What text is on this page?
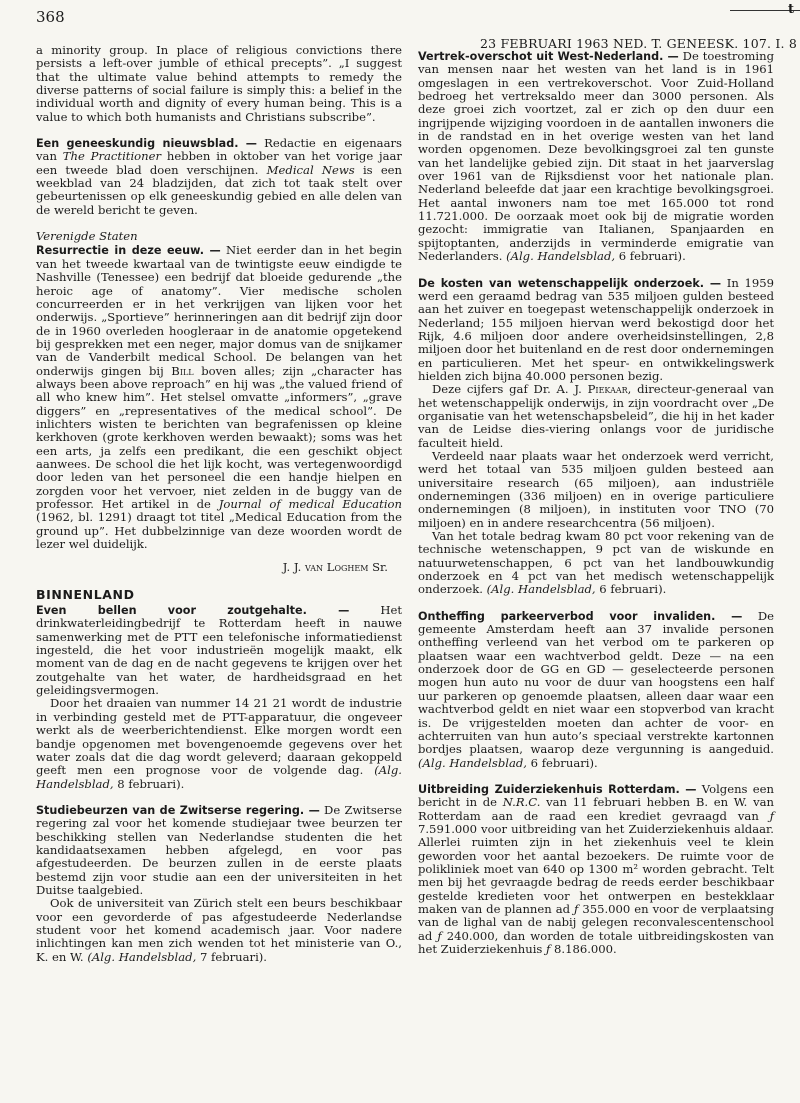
368
23 FEBRUARI 1963 NED. T. GENEESK. 107. I. 8
t

a minority group. In place of religious convictions there persists a left-over jumble of ethical precepts”. „I suggest that the ultimate value behind attempts to remedy the diverse patterns of social failure is simply this: a belief in the individual worth and dignity of every human being. This is a value to which both humanists and Christians subscribe”.

Een geneeskundig nieuwsblad. — Redactie en eigenaars van The Practitioner hebben in oktober van het vorige jaar een tweede blad doen verschijnen. Medical News is een weekblad van 24 bladzijden, dat zich tot taak stelt over gebeurtenissen op elk geneeskundig gebied en alle delen van de wereld bericht te geven.

Verenigde Staten

Resurrectie in deze eeuw. — Niet eerder dan in het begin van het tweede kwartaal van de twintigste eeuw eindigde te Nashville (Tenessee) een bedrijf dat bloeide gedurende „the heroic age of anatomy”. Vier medische scholen concurreerden er in het verkrijgen van lijken voor het onderwijs. „Sportieve” herinneringen aan dit bedrijf zijn door de in 1960 overleden hoogleraar in de anatomie opgetekend bij gesprekken met een neger, major domus van de snijkamer van de Vanderbilt medical School. De belangen van het onderwijs gingen bij Bill boven alles; zijn „character has always been above reproach” en hij was „the valued friend of all who knew him”. Het stelsel omvatte „informers”, „grave diggers” en „representatives of the medical school”. De inlichters wisten te berichten van begrafenissen op kleine kerkhoven (grote kerkhoven werden bewaakt); soms was het een arts, ja zelfs een predikant, die een geschikt object aanwees. De school die het lijk kocht, was vertegenwoordigd door leden van het personeel die een handje hielpen en zorgden voor het vervoer, niet zelden in de buggy van de professor. Het artikel in de Journal of medical Education (1962, bl. 1291) draagt tot titel „Medical Education from the ground up”. Het dubbelzinnige van deze woorden wordt de lezer wel duidelijk.

J. J. van Loghem Sr.
BINNENLAND

Even bellen voor zoutgehalte. — Het drinkwaterleidingbedrijf te Rotterdam heeft in nauwe samenwerking met de PTT een telefonische informatiedienst ingesteld, die het voor industrieën mogelijk maakt, elk moment van de dag en de nacht gegevens te krijgen over het zoutgehalte van het water, de hardheidsgraad en het geleidingsvermogen.

Door het draaien van nummer 14 21 21 wordt de industrie in verbinding gesteld met de PTT-apparatuur, die ongeveer werkt als de weerberichtendienst. Elke morgen wordt een bandje opgenomen met bovengenoemde gegevens over het water zoals dat die dag wordt geleverd; daaraan gekoppeld geeft men een prognose voor de volgende dag. (Alg. Handelsblad, 8 februari).

Studiebeurzen van de Zwitserse regering. — De Zwitserse regering zal voor het komende studiejaar twee beurzen ter beschikking stellen van Nederlandse studenten die het kandidaatsexamen hebben afgelegd, en voor pas afgestudeerden. De beurzen zullen in de eerste plaats bestemd zijn voor studie aan een der universiteiten in het Duitse taalgebied.

Ook de universiteit van Zürich stelt een beurs beschikbaar voor een gevorderde of pas afgestudeerde Nederlandse student voor het komend academisch jaar. Voor nadere inlichtingen kan men zich wenden tot het ministerie van O., K. en W. (Alg. Handelsblad, 7 februari).

Vertrek-overschot uit West-Nederland. — De toestroming van mensen naar het westen van het land is in 1961 omgeslagen in een vertrekoverschot. Voor Zuid-Holland bedroeg het vertreksaldo meer dan 3000 personen. Als deze groei zich voortzet, zal er zich op den duur een ingrijpende wijziging voordoen in de aantallen inwoners die in de randstad en in het overige westen van het land worden opgenomen. Deze bevolkingsgroei zal ten gunste van het landelijke gebied zijn. Dit staat in het jaarverslag over 1961 van de Rijksdienst voor het nationale plan. Nederland beleefde dat jaar een krachtige bevolkingsgroei. Het aantal inwoners nam toe met 165.000 tot rond 11.721.000. De oorzaak moet ook bij de migratie worden gezocht: immigratie van Italianen, Spanjaarden en spijtoptanten, anderzijds in verminderde emigratie van Nederlanders. (Alg. Handelsblad, 6 februari).

De kosten van wetenschappelijk onderzoek. — In 1959 werd een geraamd bedrag van 535 miljoen gulden besteed aan het zuiver en toegepast wetenschappelijk onderzoek in Nederland; 155 miljoen hiervan werd bekostigd door het Rijk, 4.6 miljoen door andere overheidsinstellingen, 2,8 miljoen door het buitenland en de rest door ondernemingen en particulieren. Met het speur- en ontwikkelingswerk hielden zich bijna 40.000 personen bezig.

Deze cijfers gaf Dr. A. J. Piekaar, directeur-generaal van het wetenschappelijk onderwijs, in zijn voordracht over „De organisatie van het wetenschapsbeleid”, die hij in het kader van de Leidse dies-viering onlangs voor de juridische faculteit hield.

Verdeeld naar plaats waar het onderzoek werd verricht, werd het totaal van 535 miljoen gulden besteed aan universitaire research (65 miljoen), aan industriële ondernemingen (336 miljoen) en in overige particuliere ondernemingen (8 miljoen), in instituten voor TNO (70 miljoen) en in andere researchcentra (56 miljoen).

Van het totale bedrag kwam 80 pct voor rekening van de technische wetenschappen, 9 pct van de wiskunde en natuurwetenschappen, 6 pct van het landbouwkundig onderzoek en 4 pct van het medisch wetenschappelijk onderzoek. (Alg. Handelsblad, 6 februari).

Ontheffing parkeerverbod voor invaliden. — De gemeente Amsterdam heeft aan 37 invalide personen ontheffing verleend van het verbod om te parkeren op plaatsen waar een wachtverbod geldt. Deze — na een onderzoek door de GG en GD — geselecteerde personen mogen hun auto nu voor de duur van hoogstens een half uur parkeren op genoemde plaatsen, alleen daar waar een wachtverbod geldt en niet waar een stopverbod van kracht is. De vrijgestelden moeten dan achter de voor- en achterruiten van hun auto’s speciaal verstrekte kartonnen bordjes plaatsen, waarop deze vergunning is aangeduid. (Alg. Handelsblad, 6 februari).

Uitbreiding Zuiderziekenhuis Rotterdam. — Volgens een bericht in de N.R.C. van 11 februari hebben B. en W. van Rotterdam aan de raad een krediet gevraagd van ƒ 7.591.000 voor uitbreiding van het Zuiderziekenhuis aldaar. Allerlei ruimten zijn in het ziekenhuis veel te klein geworden voor het aantal bezoekers. De ruimte voor de polikliniek moet van 640 op 1300 m² worden gebracht. Telt men bij het gevraagde bedrag de reeds eerder beschikbaar gestelde kredieten voor het ontwerpen en bestekklaar maken van de plannen ad ƒ 355.000 en voor de verplaatsing van de lighal van de nabij gelegen reconvalescentenschool ad ƒ 240.000, dan worden de totale uitbreidingskosten van het Zuiderziekenhuis ƒ 8.186.000.
